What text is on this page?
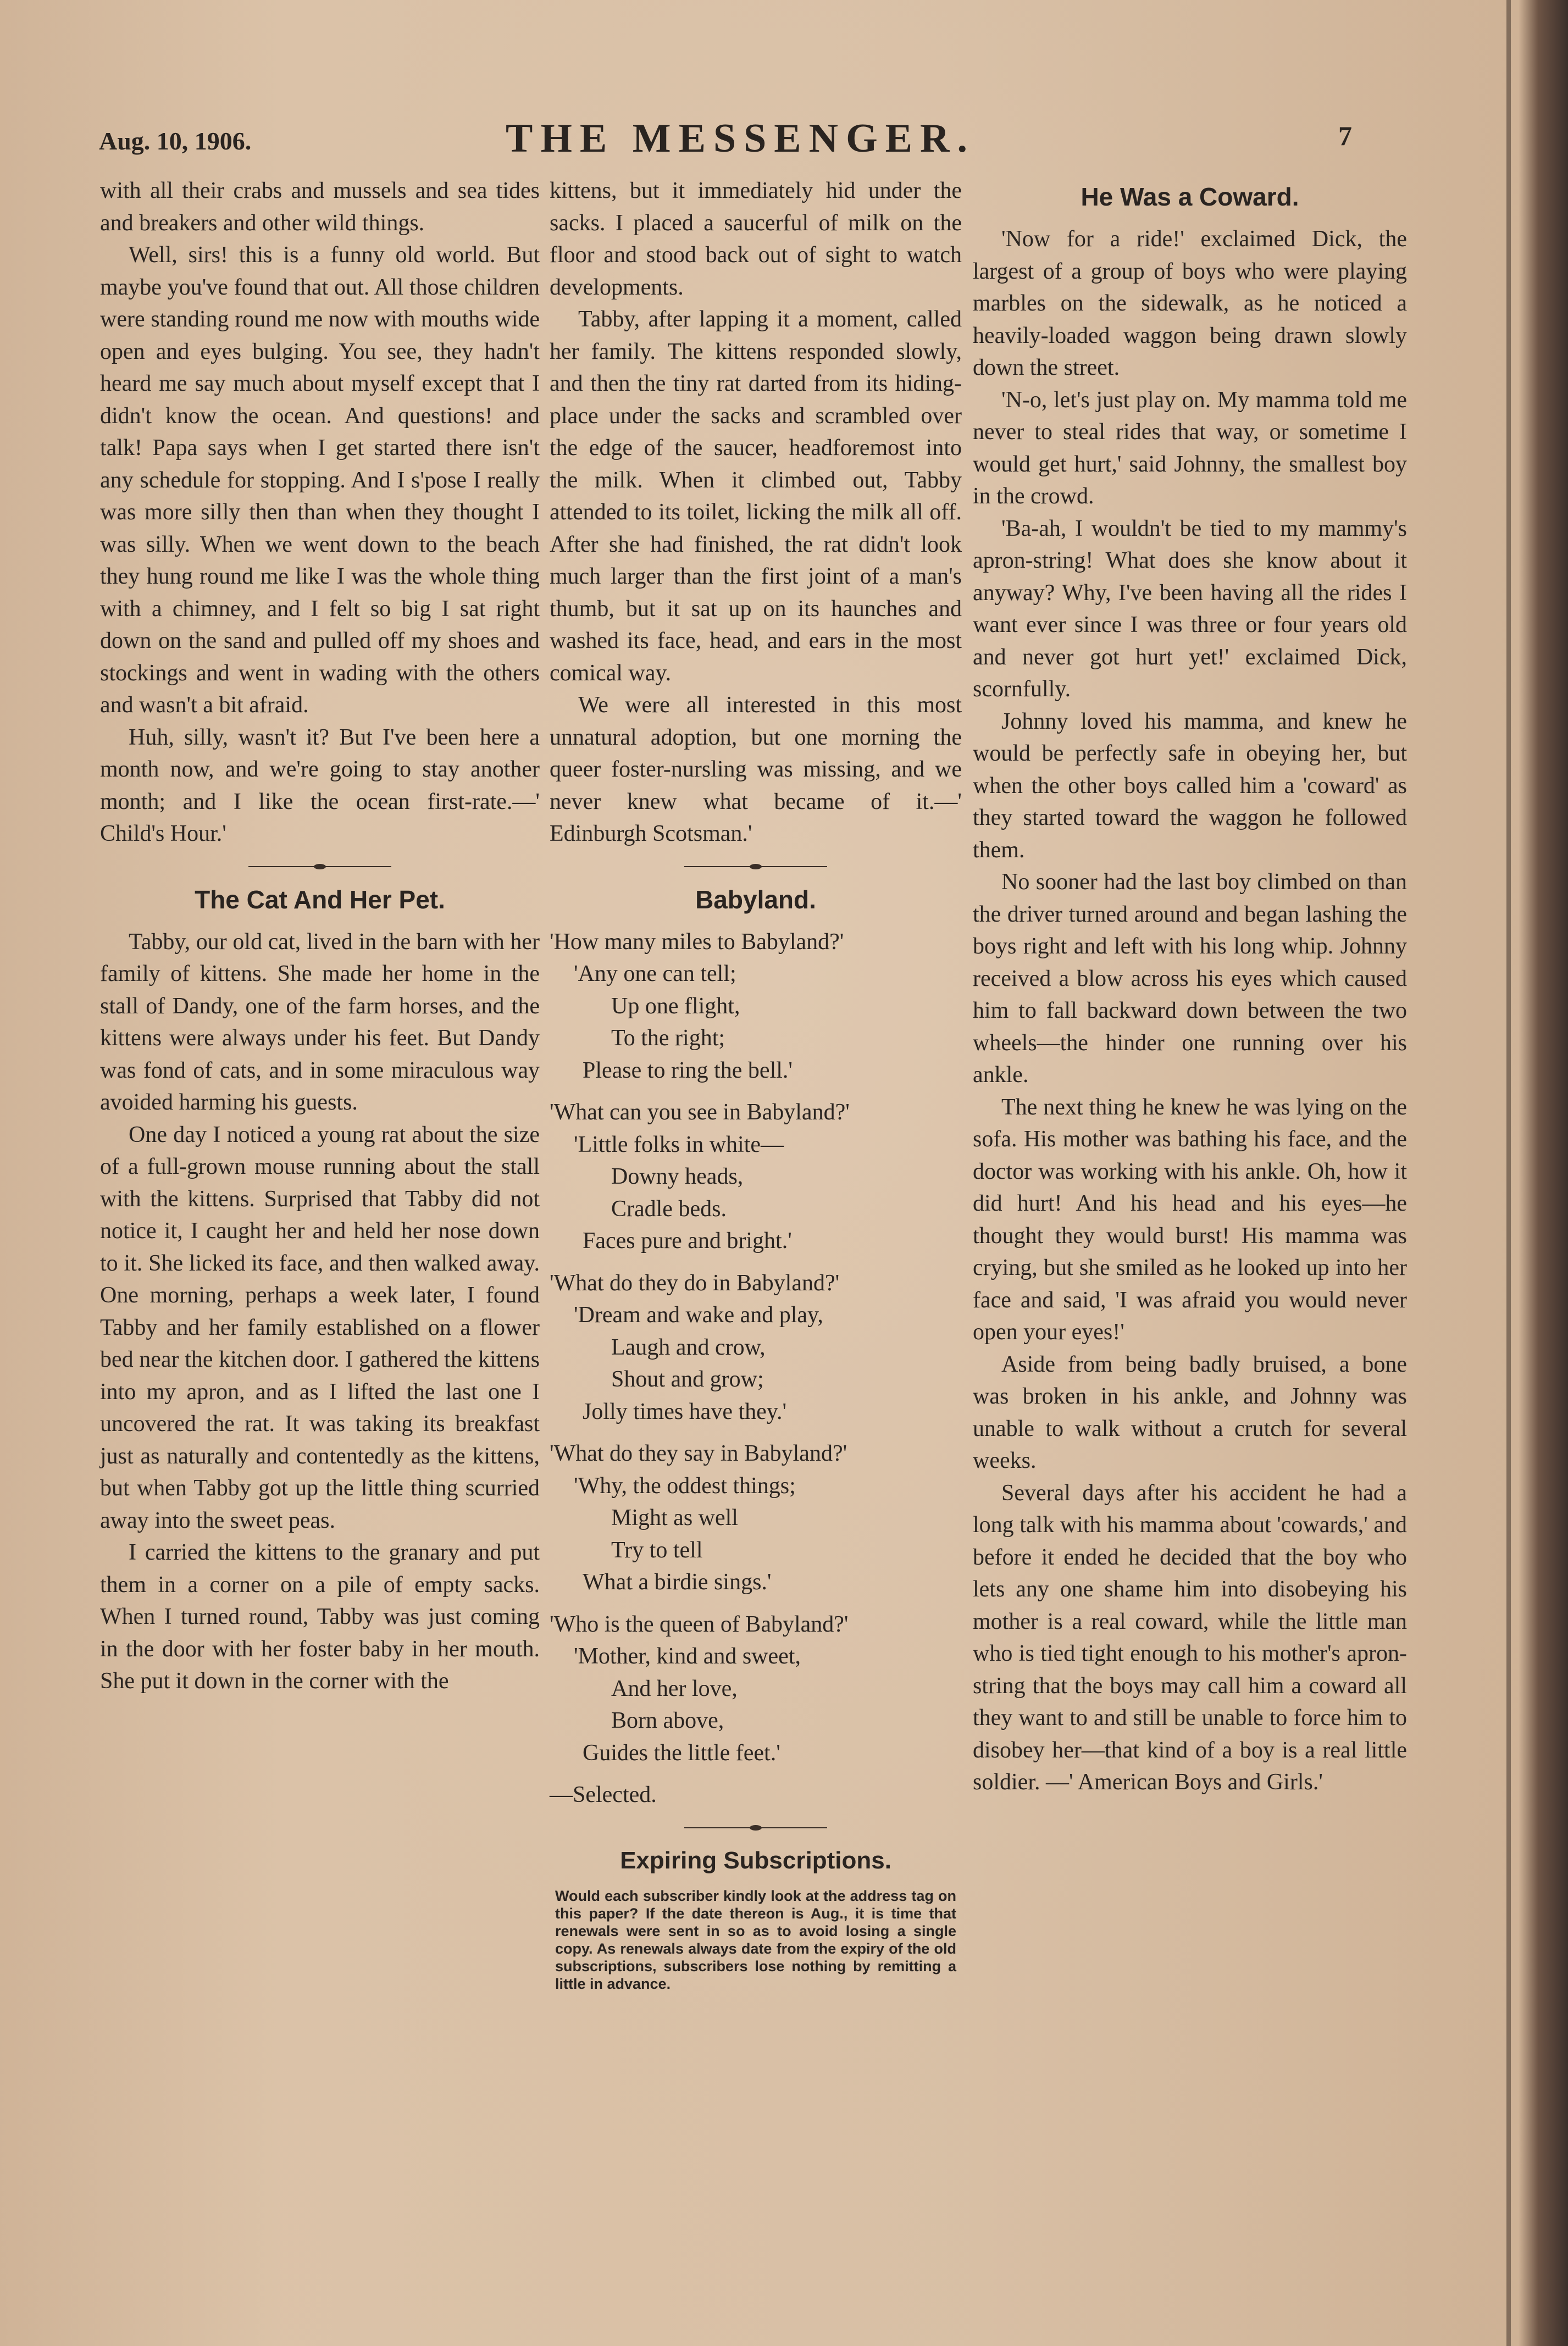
Aug. 10, 1906.	THE MESSENGER.	7

with all their crabs and mussels and sea tides and breakers and other wild things.

Well, sirs! this is a funny old world. But maybe you've found that out. All those children were standing round me now with mouths wide open and eyes bulging. You see, they hadn't heard me say much about myself except that I didn't know the ocean. And questions! and talk! Papa says when I get started there isn't any schedule for stopping. And I s'pose I really was more silly then than when they thought I was silly. When we went down to the beach they hung round me like I was the whole thing with a chimney, and I felt so big I sat right down on the sand and pulled off my shoes and stockings and went in wading with the others and wasn't a bit afraid.

Huh, silly, wasn't it? But I've been here a month now, and we're going to stay another month; and I like the ocean first-rate.—' Child's Hour.'

The Cat And Her Pet.

Tabby, our old cat, lived in the barn with her family of kittens. She made her home in the stall of Dandy, one of the farm horses, and the kittens were always under his feet. But Dandy was fond of cats, and in some miraculous way avoided harming his guests.

One day I noticed a young rat about the size of a full-grown mouse running about the stall with the kittens. Surprised that Tabby did not notice it, I caught her and held her nose down to it. She licked its face, and then walked away. One morning, perhaps a week later, I found Tabby and her family established on a flower bed near the kitchen door. I gathered the kittens into my apron, and as I lifted the last one I uncovered the rat. It was taking its breakfast just as naturally and contentedly as the kittens, but when Tabby got up the little thing scurried away into the sweet peas.

I carried the kittens to the granary and put them in a corner on a pile of empty sacks. When I turned round, Tabby was just coming in the door with her foster baby in her mouth. She put it down in the corner with the

kittens, but it immediately hid under the sacks. I placed a saucerful of milk on the floor and stood back out of sight to watch developments.

Tabby, after lapping it a moment, called her family. The kittens responded slowly, and then the tiny rat darted from its hiding-place under the sacks and scrambled over the edge of the saucer, headforemost into the milk. When it climbed out, Tabby attended to its toilet, licking the milk all off. After she had finished, the rat didn't look much larger than the first joint of a man's thumb, but it sat up on its haunches and washed its face, head, and ears in the most comical way.

We were all interested in this most unnatural adoption, but one morning the queer foster-nursling was missing, and we never knew what became of it.—' Edinburgh Scotsman.'

Babyland.
'How many miles to Babyland?'
'Any one can tell;
Up one flight,
To the right;
Please to ring the bell.'
'What can you see in Babyland?'
'Little folks in white—
Downy heads,
Cradle beds.
Faces pure and bright.'
'What do they do in Babyland?'
'Dream and wake and play,
Laugh and crow,
Shout and grow;
Jolly times have they.'
'What do they say in Babyland?'
'Why, the oddest things;
Might as well
Try to tell
What a birdie sings.'
'Who is the queen of Babyland?'
'Mother, kind and sweet,
And her love,
Born above,
Guides the little feet.'
—Selected.
Expiring Subscriptions.
Would each subscriber kindly look at the address tag on this paper? If the date thereon is Aug., it is time that renewals were sent in so as to avoid losing a single copy. As renewals always date from the expiry of the old subscriptions, subscribers lose nothing by remitting a little in advance.
He Was a Coward.

'Now for a ride!' exclaimed Dick, the largest of a group of boys who were playing marbles on the sidewalk, as he noticed a heavily-loaded waggon being drawn slowly down the street.

'N-o, let's just play on. My mamma told me never to steal rides that way, or sometime I would get hurt,' said Johnny, the smallest boy in the crowd.

'Ba-ah, I wouldn't be tied to my mammy's apron-string! What does she know about it anyway? Why, I've been having all the rides I want ever since I was three or four years old and never got hurt yet!' exclaimed Dick, scornfully.

Johnny loved his mamma, and knew he would be perfectly safe in obeying her, but when the other boys called him a 'coward' as they started toward the waggon he followed them.

No sooner had the last boy climbed on than the driver turned around and began lashing the boys right and left with his long whip. Johnny received a blow across his eyes which caused him to fall backward down between the two wheels—the hinder one running over his ankle.

The next thing he knew he was lying on the sofa. His mother was bathing his face, and the doctor was working with his ankle. Oh, how it did hurt! And his head and his eyes—he thought they would burst! His mamma was crying, but she smiled as he looked up into her face and said, 'I was afraid you would never open your eyes!'

Aside from being badly bruised, a bone was broken in his ankle, and Johnny was unable to walk without a crutch for several weeks.

Several days after his accident he had a long talk with his mamma about 'cowards,' and before it ended he decided that the boy who lets any one shame him into disobeying his mother is a real coward, while the little man who is tied tight enough to his mother's apron-string that the boys may call him a coward all they want to and still be unable to force him to disobey her—that kind of a boy is a real little soldier. —' American Boys and Girls.'
